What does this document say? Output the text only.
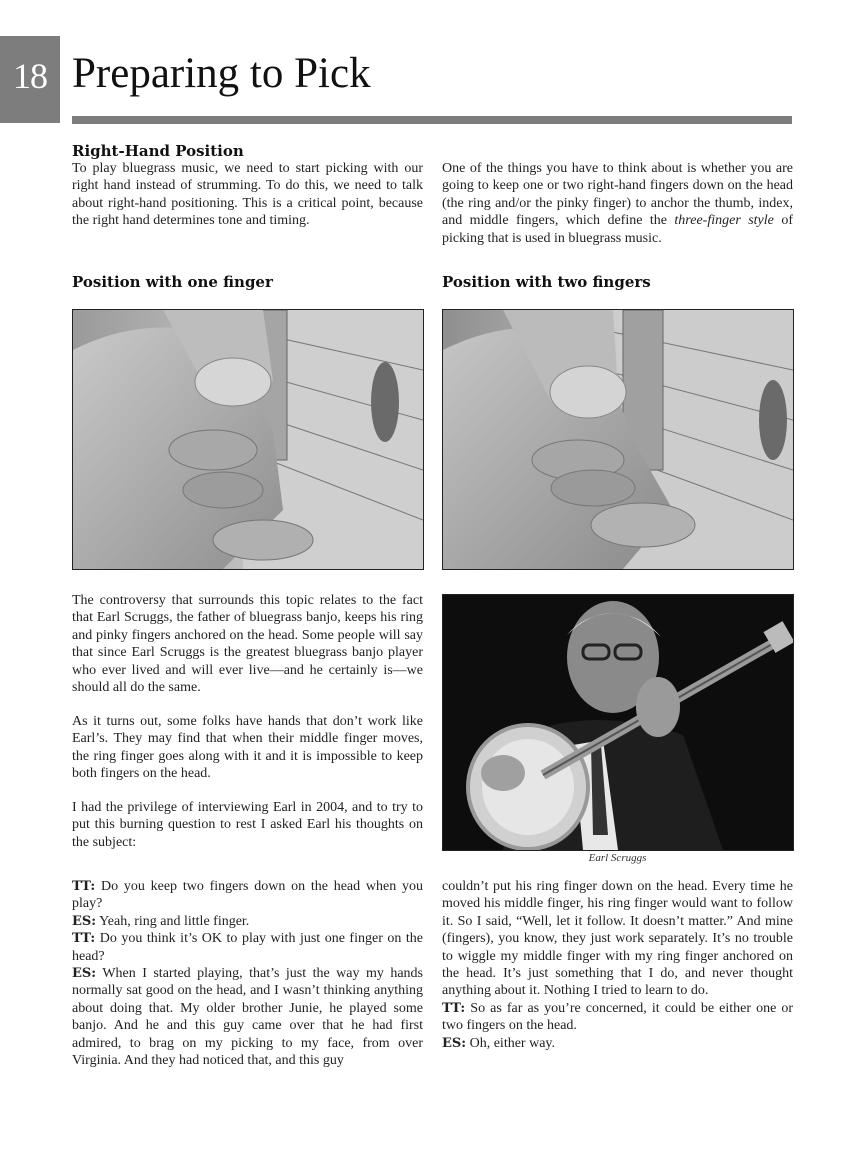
18 Preparing to Pick
Right-Hand Position

To play bluegrass music, we need to start picking with our right hand instead of strumming. To do this, we need to talk about right-hand positioning. This is a critical point, because the right hand determines tone and timing.

One of the things you have to think about is whether you are going to keep one or two right-hand fingers down on the head (the ring and/or the pinky finger) to anchor the thumb, index, and middle fingers, which define the three-finger style of picking that is used in bluegrass music.

Position with one finger	Position with two fingers

The controversy that surrounds this topic relates to the fact that Earl Scruggs, the father of bluegrass banjo, keeps his ring and pinky fingers anchored on the head. Some people will say that since Earl Scruggs is the greatest bluegrass banjo player who ever lived and will ever live—and he certainly is—we should all do the same.

As it turns out, some folks have hands that don’t work like Earl’s. They may find that when their middle finger moves, the ring finger goes along with it and it is impossible to keep both fingers on the head.

I had the privilege of interviewing Earl in 2004, and to try to put this burning question to rest I asked Earl his thoughts on the subject:

Earl Scruggs
TT: Do you keep two fingers down on the head when you play?
ES: Yeah, ring and little finger.
TT: Do you think it’s OK to play with just one finger on the head?
ES: When I started playing, that’s just the way my hands normally sat good on the head, and I wasn’t thinking anything about doing that. My older brother Junie, he played some banjo. And he and this guy came over that he had first admired, to brag on my picking to my face, from over Virginia. And they had noticed that, and this guy
couldn’t put his ring finger down on the head. Every time he moved his middle finger, his ring finger would want to follow it. So I said, “Well, let it follow. It doesn’t matter.” And mine (fingers), you know, they just work separately. It’s no trouble to wiggle my middle finger with my ring finger anchored on the head. It’s just something that I do, and never thought anything about it. Nothing I tried to learn to do.
TT: So as far as you’re concerned, it could be either one or two fingers on the head.
ES: Oh, either way.
